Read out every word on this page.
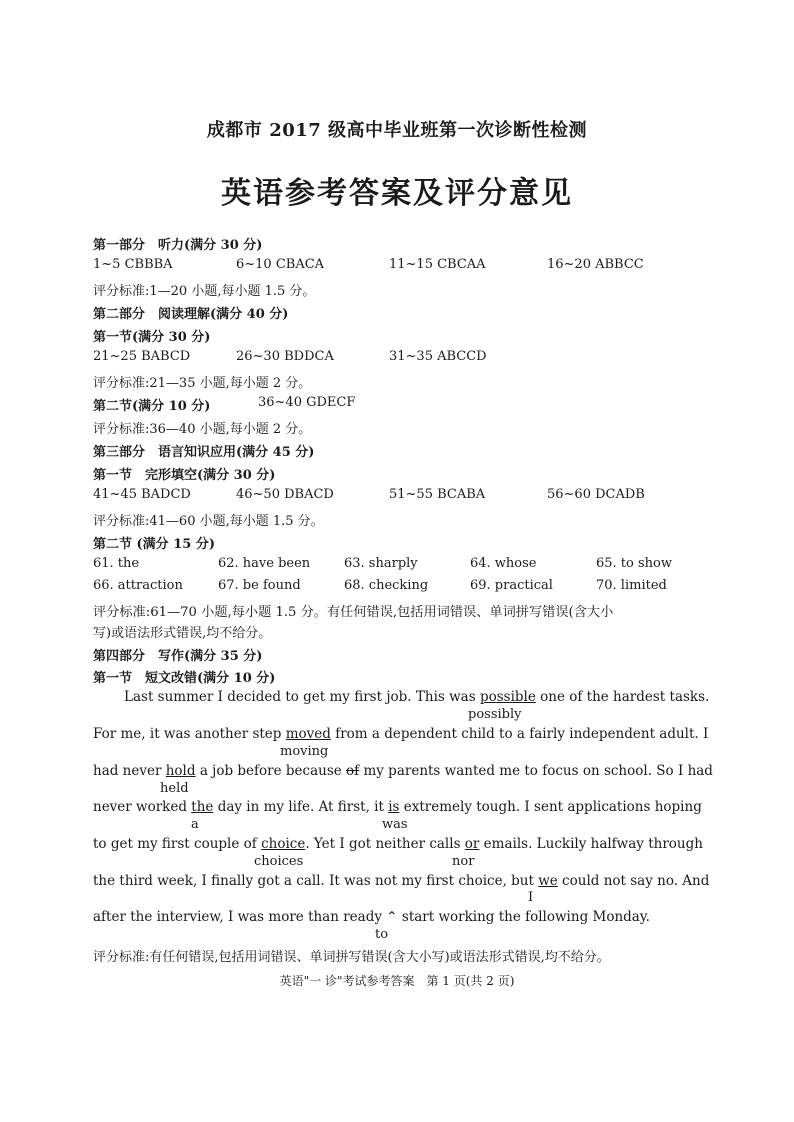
成都市 2017 级高中毕业班第一次诊断性检测
英语参考答案及评分意见
第一部分　听力(满分 30 分)
1~5 CBBBA	6~10 CBACA	11~15 CBCAA	16~20 ABBCC
评分标准:1—20 小题,每小题 1.5 分。
第二部分　阅读理解(满分 40 分)
第一节(满分 30 分)
21~25 BABCD	26~30 BDDCA	31~35 ABCCD
评分标准:21—35 小题,每小题 2 分。
第二节(满分 10 分)	36~40 GDECF
评分标准:36—40 小题,每小题 2 分。
第三部分　语言知识应用(满分 45 分)
第一节　完形填空(满分 30 分)
41~45 BADCD	46~50 DBACD	51~55 BCABA	56~60 DCADB
评分标准:41—60 小题,每小题 1.5 分。
第二节 (满分 15 分)
61. the	62. have been	63. sharply	64. whose	65. to show
66. attraction	67. be found	68. checking	69. practical	70. limited
评分标准:61—70 小题,每小题 1.5 分。有任何错误,包括用词错误、单词拼写错误(含大小
写)或语法形式错误,均不给分。
第四部分　写作(满分 35 分)
第一节　短文改错(满分 10 分)
Last summer I decided to get my first job. This was possible one of the hardest tasks.
possibly
For me, it was another step moved from a dependent child to a fairly independent adult. I
moving
had never hold a job before because of my parents wanted me to focus on school. So I had
held
never worked the day in my life. At first, it is extremely tough. I sent applications hoping
a	was
to get my first couple of choice. Yet I got neither calls or emails. Luckily halfway through
choices	nor
the third week, I finally got a call. It was not my first choice, but we could not say no. And
I
after the interview, I was more than ready ⌃ start working the following Monday.
to
评分标准:有任何错误,包括用词错误、单词拼写错误(含大小写)或语法形式错误,均不给分。
英语"一 诊"考试参考答案　第 1 页(共 2 页)
